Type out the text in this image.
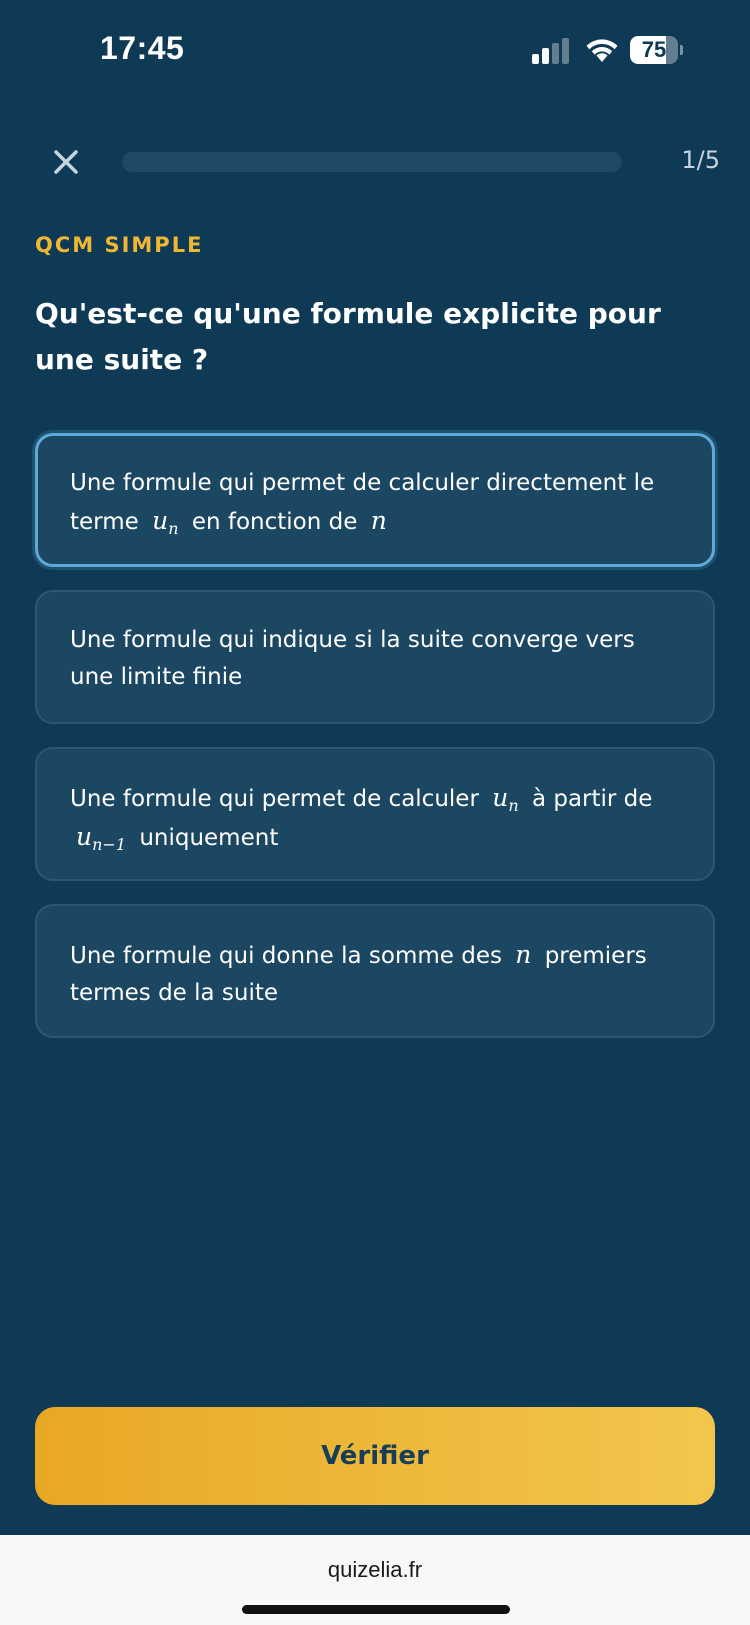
17:45	75
1/5
QCM SIMPLE
Qu'est-ce qu'une formule explicite pour une suite ?
Une formule qui permet de calculer directement le terme $u_n$ en fonction de n
Une formule qui indique si la suite converge vers une limite finie
Une formule qui permet de calculer $u_n$ à partir de $u_{n-1}$ uniquement
Une formule qui donne la somme des n premiers termes de la suite
Vérifier
quizelia.fr
